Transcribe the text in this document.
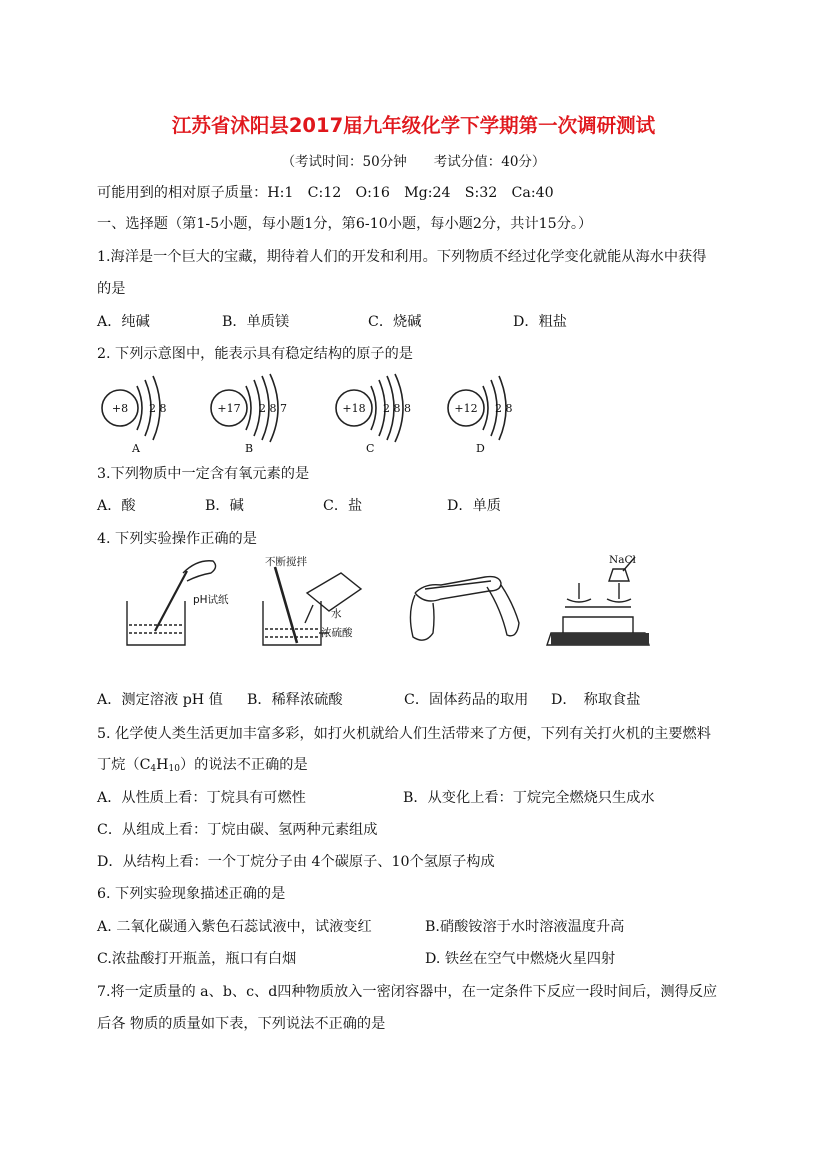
江苏省沭阳县2017届九年级化学下学期第一次调研测试
（考试时间：50分钟　　考试分值：40分）
可能用到的相对原子质量：H:1　C:12　O:16　Mg:24　S:32　Ca:40
一、选择题（第1-5小题，每小题1分，第6-10小题，每小题2分，共计15分。）
1.海洋是一个巨大的宝藏，期待着人们的开发和利用。下列物质不经过化学变化就能从海水中获得
的是
A．纯碱	B．单质镁	C．烧碱	D．粗盐
2. 下列示意图中，能表示具有稳定结构的原子的是
+8 2 8
A
+17 2 8 7
B
+18 2 8 8
C
+12 2 8
D
3.下列物质中一定含有氧元素的是
A．酸	B．碱	C．盐	D．单质
4. 下列实验操作正确的是
pH试纸
不断搅拌
水
浓硫酸
NaCl
A．测定溶液 pH 值 B．稀释浓硫酸	C．固体药品的取用 D．　称取食盐
5. 化学使人类生活更加丰富多彩，如打火机就给人们生活带来了方便，下列有关打火机的主要燃料
丁烷$(C_4H_{10})$的说法不正确的是
A．从性质上看：丁烷具有可燃性	B．从变化上看：丁烷完全燃烧只生成水
C．从组成上看：丁烷由碳、氢两种元素组成
D．从结构上看：一个丁烷分子由 4个碳原子、10个氢原子构成
6. 下列实验现象描述正确的是
A. 二氧化碳通入紫色石蕊试液中，试液变红	B.硝酸铵溶于水时溶液温度升高
C.浓盐酸打开瓶盖，瓶口有白烟	D. 铁丝在空气中燃烧火星四射
7.将一定质量的 a、b、c、d四种物质放入一密闭容器中，在一定条件下反应一段时间后，测得反应
后各 物质的质量如下表，下列说法不正确的是
